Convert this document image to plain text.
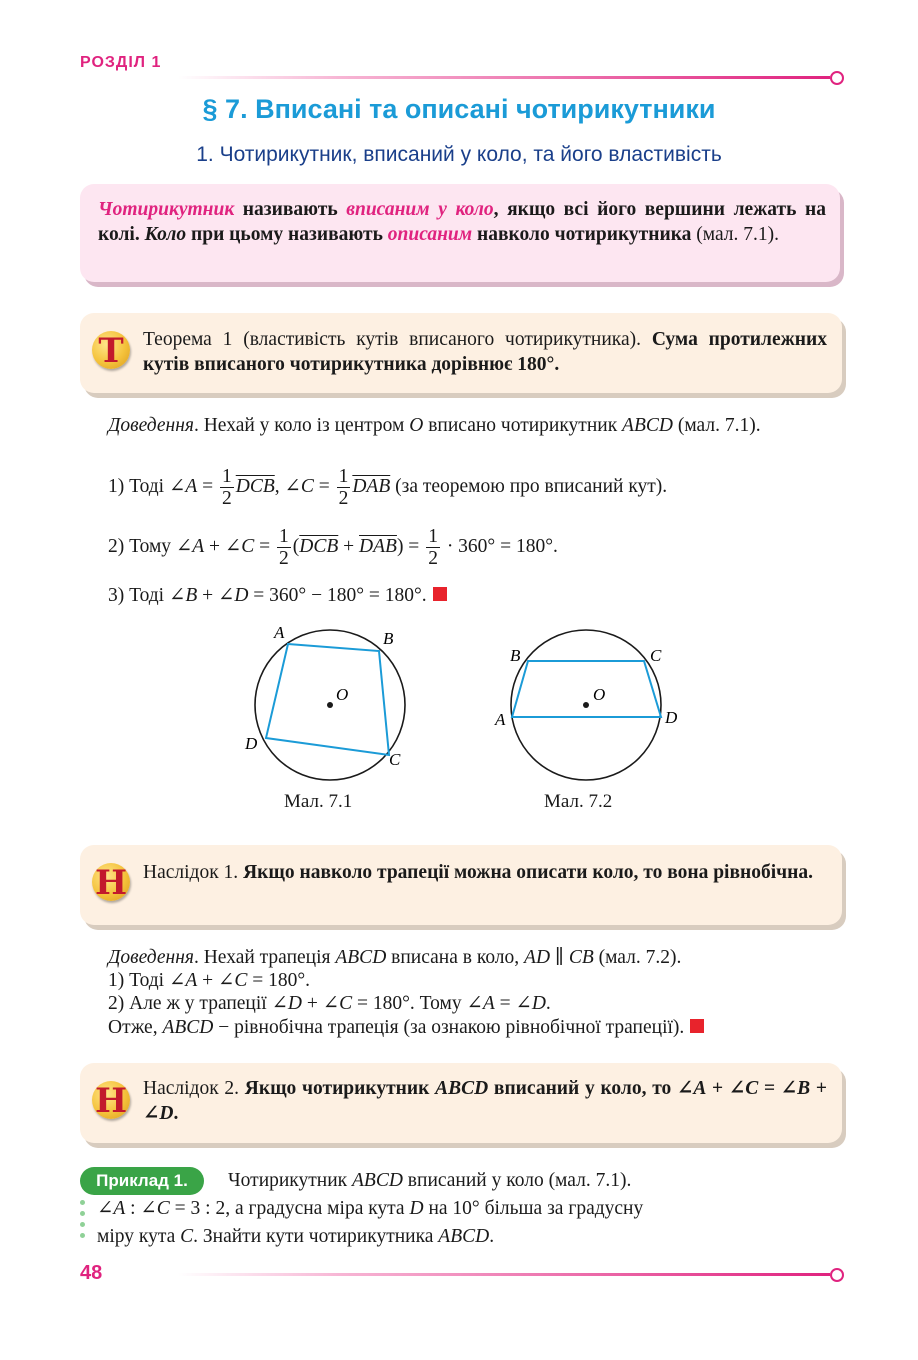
РОЗДІЛ 1
§ 7. Вписані та описані чотирикутники
1. Чотирикутник, вписаний у коло, та його властивість
Чотирикутник називають вписаним у коло, якщо всі його вершини лежать на колі. Коло при цьому називають описаним навколо чотирикутника (мал. 7.1).
Т Теорема 1 (властивість кутів вписаного чотирикутника). Сума протилежних кутів вписаного чотирикутника дорівнює 180°.
Доведення. Нехай у коло із центром O вписано чотирикутник ABCD (мал. 7.1).
1) Тоді ∠A = $\frac{1}{2} \overline{DCB}$, ∠C = $\frac{1}{2} \overline{DAB}$ (за теоремою про вписаний кут).
2) Тому ∠A + ∠C = $\frac{1}{2} (\overline{DCB} + \overline{DAB}) = \frac{1}{2} \cdot 360^\circ = 180^\circ$.
3) Тоді ∠B + ∠D = 360° − 180° = 180°.
O
A	B
C
D
O
B	C
A	D
Мал. 7.1	Мал. 7.2
Н Наслідок 1. Якщо навколо трапеції можна описати коло, то вона рівнобічна.
Доведення. Нехай трапеція ABCD вписана в коло, AD ∥ CB (мал. 7.2).
1) Тоді ∠A + ∠C = 180°.
2) Але ж у трапеції ∠D + ∠C = 180°. Тому ∠A = ∠D.
Отже, ABCD − рівнобічна трапеція (за ознакою рівнобічної трапеції).
Н Наслідок 2. Якщо чотирикутник ABCD вписаний у коло, то ∠A + ∠C = ∠B + ∠D.
Приклад 1.	Чотирикутник ABCD вписаний у коло (мал. 7.1).
∠A : ∠C = 3 : 2, а градусна міра кута D на 10° більша за градусну
міру кута C. Знайти кути чотирикутника ABCD.
48
